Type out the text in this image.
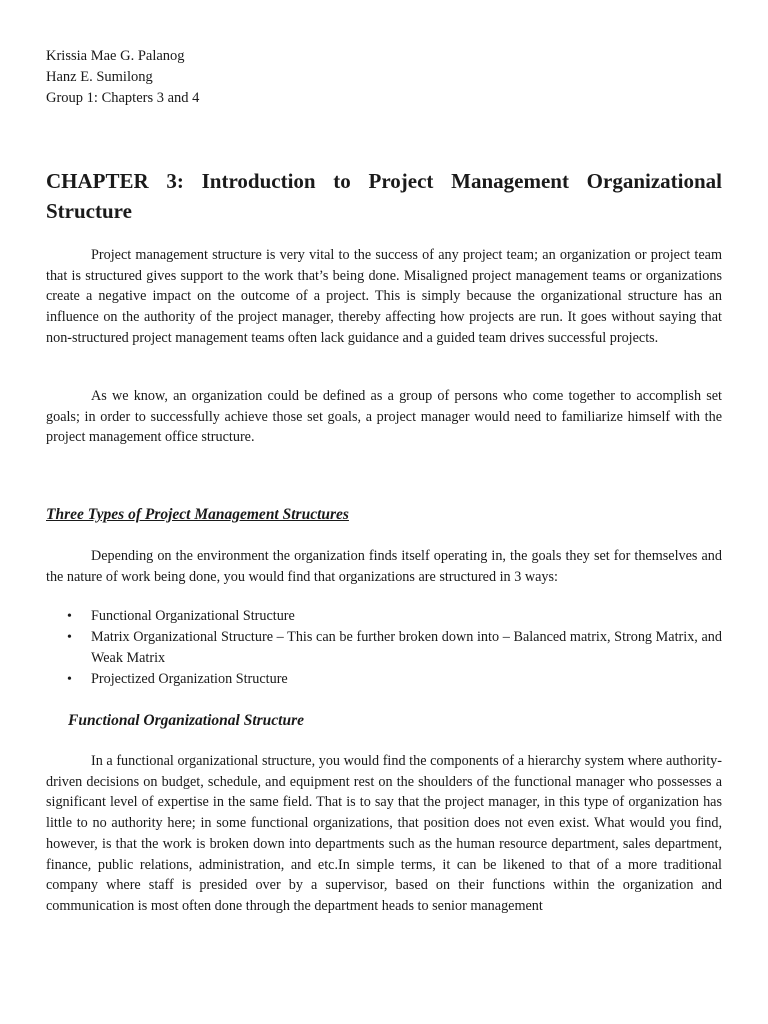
Krissia Mae G. Palanog
Hanz E. Sumilong
Group 1: Chapters 3 and 4
CHAPTER 3: Introduction to Project Management Organizational Structure

Project management structure is very vital to the success of any project team; an organization or project team that is structured gives support to the work that’s being done. Misaligned project management teams or organizations create a negative impact on the outcome of a project. This is simply because the organizational structure has an influence on the authority of the project manager, thereby affecting how projects are run. It goes without saying that non-structured project management teams often lack guidance and a guided team drives successful projects.

As we know, an organization could be defined as a group of persons who come together to accomplish set goals; in order to successfully achieve those set goals, a project manager would need to familiarize himself with the project management office structure.

Three Types of Project Management Structures

Depending on the environment the organization finds itself operating in, the goals they set for themselves and the nature of work being done, you would find that organizations are structured in 3 ways:

• Functional Organizational Structure
• Matrix Organizational Structure – This can be further broken down into – Balanced matrix, Strong Matrix, and Weak Matrix
• Projectized Organization Structure
Functional Organizational Structure

In a functional organizational structure, you would find the components of a hierarchy system where authority-driven decisions on budget, schedule, and equipment rest on the shoulders of the functional manager who possesses a significant level of expertise in the same field. That is to say that the project manager, in this type of organization has little to no authority here; in some functional organizations, that position does not even exist. What would you find, however, is that the work is broken down into departments such as the human resource department, sales department, finance, public relations, administration, and etc.In simple terms, it can be likened to that of a more traditional company where staff is presided over by a supervisor, based on their functions within the organization and communication is most often done through the department heads to senior management
